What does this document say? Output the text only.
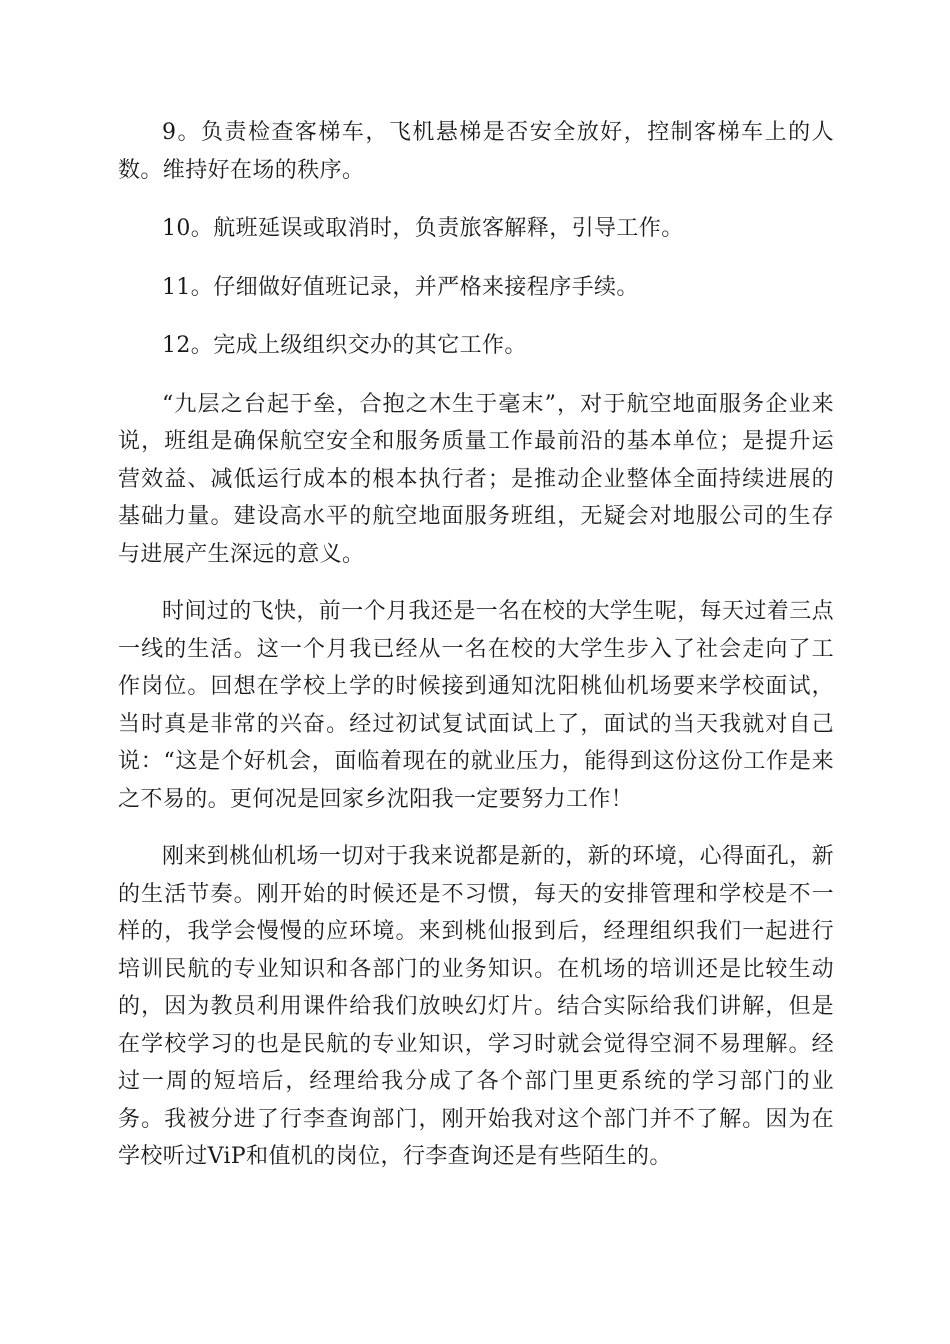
9。负责检查客梯车，飞机悬梯是否安全放好，控制客梯车上的人数。维持好在场的秩序。

10。航班延误或取消时，负责旅客解释，引导工作。

11。仔细做好值班记录，并严格来接程序手续。

12。完成上级组织交办的其它工作。

“九层之台起于垒，合抱之木生于毫末”，对于航空地面服务企业来说，班组是确保航空安全和服务质量工作最前沿的基本单位；是提升运营效益、减低运行成本的根本执行者；是推动企业整体全面持续进展的基础力量。建设高水平的航空地面服务班组，无疑会对地服公司的生存与进展产生深远的意义。

时间过的飞快，前一个月我还是一名在校的大学生呢，每天过着三点一线的生活。这一个月我已经从一名在校的大学生步入了社会走向了工作岗位。回想在学校上学的时候接到通知沈阳桃仙机场要来学校面试，当时真是非常的兴奋。经过初试复试面试上了，面试的当天我就对自己说：“这是个好机会，面临着现在的就业压力，能得到这份这份工作是来之不易的。更何况是回家乡沈阳我一定要努力工作！

刚来到桃仙机场一切对于我来说都是新的，新的环境，心得面孔，新的生活节奏。刚开始的时候还是不习惯，每天的安排管理和学校是不一样的，我学会慢慢的应环境。来到桃仙报到后，经理组织我们一起进行培训民航的专业知识和各部门的业务知识。在机场的培训还是比较生动的，因为教员利用课件给我们放映幻灯片。结合实际给我们讲解，但是在学校学习的也是民航的专业知识，学习时就会觉得空洞不易理解。经过一周的短培后，经理给我分成了各个部门里更系统的学习部门的业务。我被分进了行李查询部门，刚开始我对这个部门并不了解。因为在学校听过ViP和值机的岗位，行李查询还是有些陌生的。
